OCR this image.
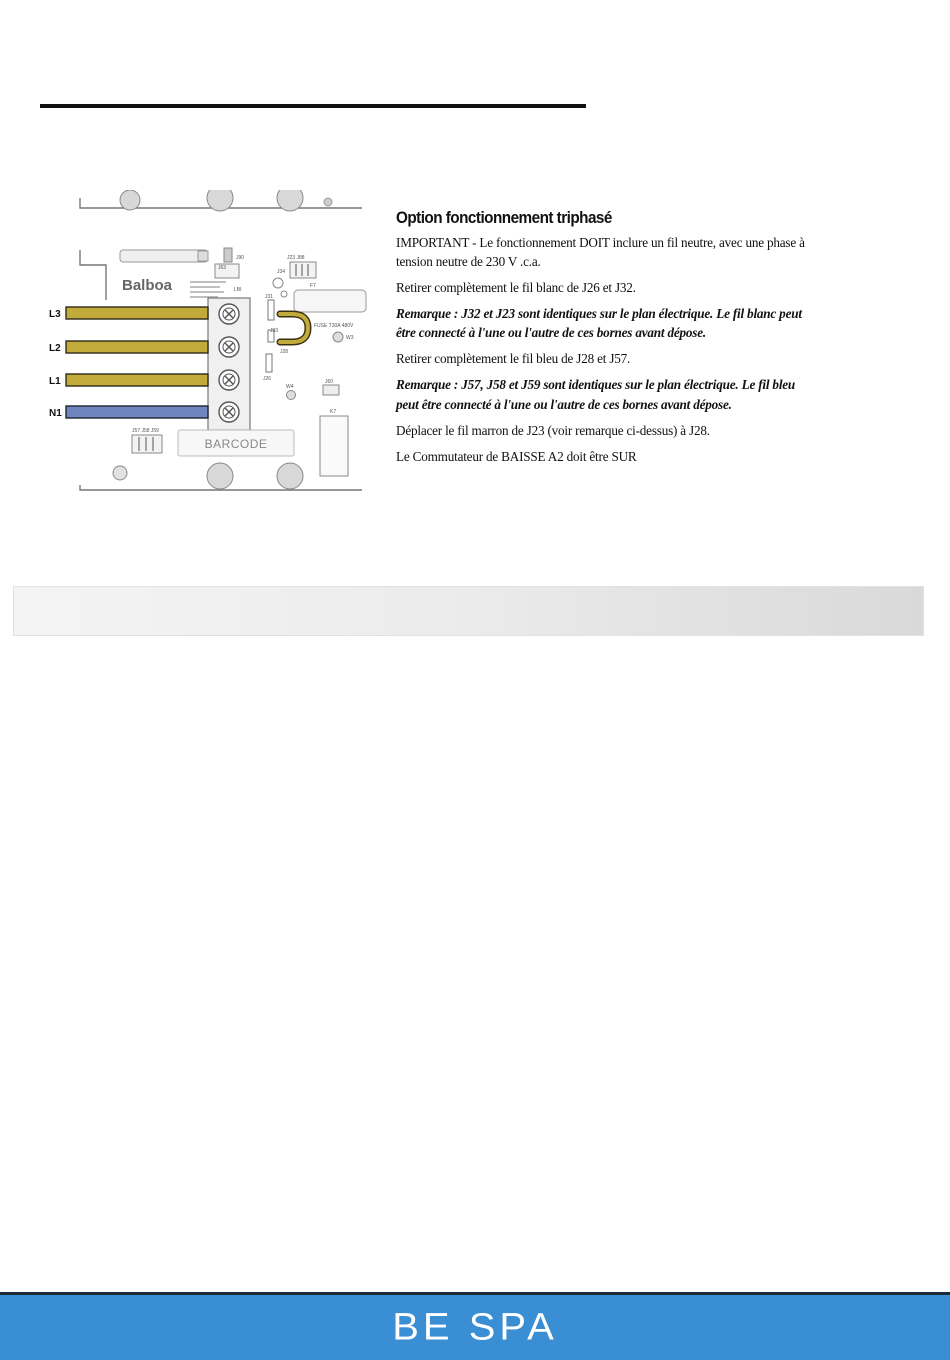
J90
J63
J23 J88
J34
Balboa	LBI
J31
F7
FUSE T30A 480V
W3
J33
J28
J26
W4
J60
K7
L3
L2
L1
N1
BARCODE
J57 J58 J59
Option fonctionnement triphasé

IMPORTANT - Le fonctionnement DOIT inclure un fil neutre, avec une phase à tension neutre de 230 V .c.a.

Retirer complètement le fil blanc de J26 et J32.

Remarque : J32 et J23 sont identiques sur le plan électrique. Le fil blanc peut être connecté à l'une ou l'autre de ces bornes avant dépose.

Retirer complètement le fil bleu de J28 et J57.

Remarque : J57, J58 et J59 sont identiques sur le plan électrique. Le fil bleu peut être connecté à l'une ou l'autre de ces bornes avant dépose.

Déplacer le fil marron de J23 (voir remarque ci-dessus) à J28.

Le Commutateur de BAISSE A2 doit être SUR

BE SPA
